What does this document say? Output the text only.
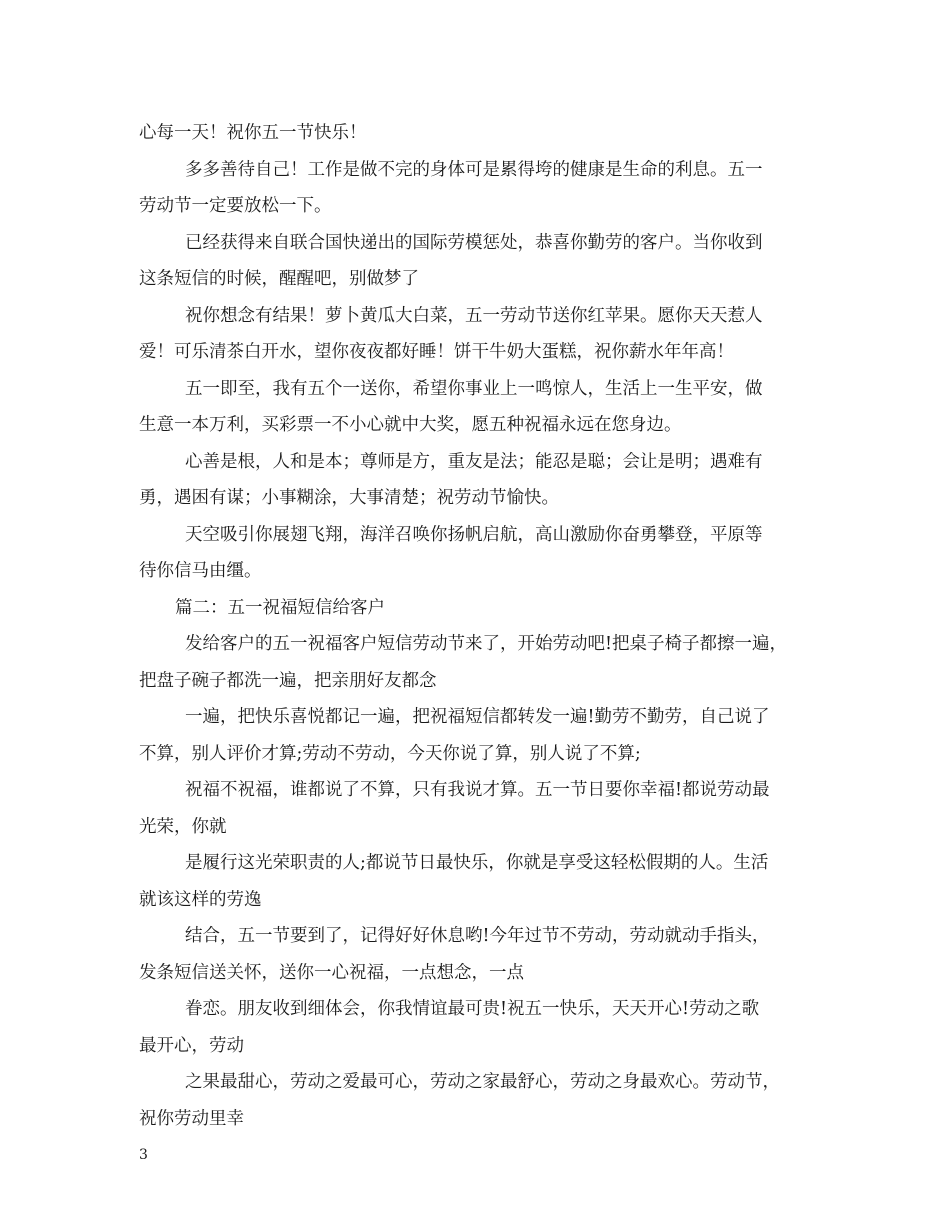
心每一天！祝你五一节快乐！
多多善待自己！工作是做不完的身体可是累得垮的健康是生命的利息。五一
劳动节一定要放松一下。
已经获得来自联合国快递出的国际劳模惩处，恭喜你勤劳的客户。当你收到
这条短信的时候，醒醒吧，别做梦了
祝你想念有结果！萝卜黄瓜大白菜，五一劳动节送你红苹果。愿你天天惹人
爱！可乐清茶白开水，望你夜夜都好睡！饼干牛奶大蛋糕，祝你薪水年年高！
五一即至，我有五个一送你，希望你事业上一鸣惊人，生活上一生平安，做
生意一本万利，买彩票一不小心就中大奖，愿五种祝福永远在您身边。
心善是根，人和是本；尊师是方，重友是法；能忍是聪；会让是明；遇难有
勇，遇困有谋；小事糊涂，大事清楚；祝劳动节愉快。
天空吸引你展翅飞翔，海洋召唤你扬帆启航，高山激励你奋勇攀登，平原等
待你信马由缰。
篇二：五一祝福短信给客户
发给客户的五一祝福客户短信劳动节来了，开始劳动吧!把桌子椅子都擦一遍，
把盘子碗子都洗一遍，把亲朋好友都念
一遍，把快乐喜悦都记一遍，把祝福短信都转发一遍!勤劳不勤劳，自己说了
不算，别人评价才算;劳动不劳动，今天你说了算，别人说了不算;
祝福不祝福，谁都说了不算，只有我说才算。五一节日要你幸福!都说劳动最
光荣，你就
是履行这光荣职责的人;都说节日最快乐，你就是享受这轻松假期的人。生活
就该这样的劳逸
结合，五一节要到了，记得好好休息哟!今年过节不劳动，劳动就动手指头，
发条短信送关怀，送你一心祝福，一点想念，一点
眷恋。朋友收到细体会，你我情谊最可贵!祝五一快乐，天天开心!劳动之歌
最开心，劳动
之果最甜心，劳动之爱最可心，劳动之家最舒心，劳动之身最欢心。劳动节，
祝你劳动里幸
3
